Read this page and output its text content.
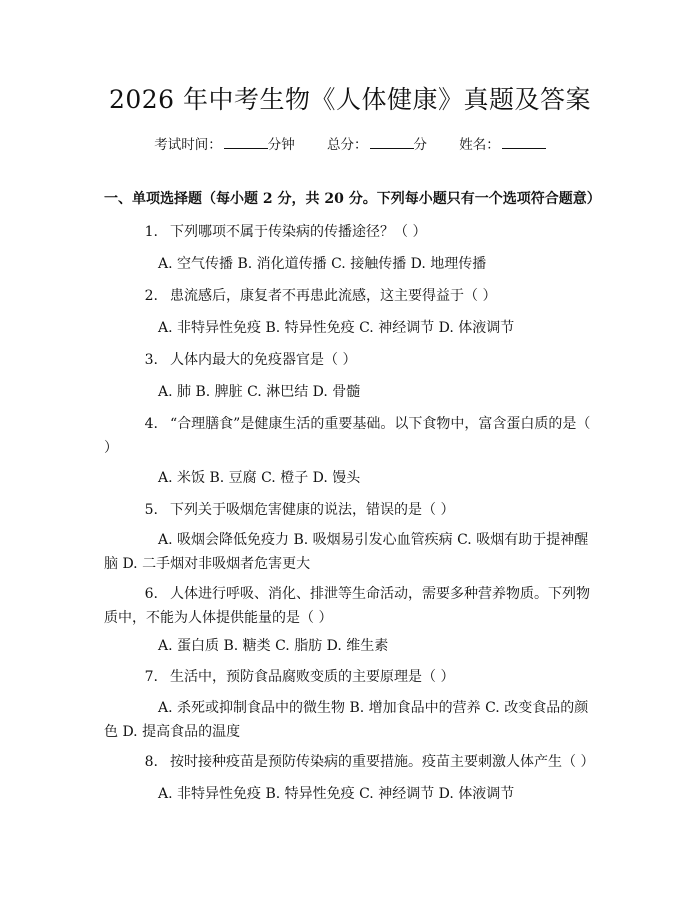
2026 年中考生物《人体健康》真题及答案
考试时间：	分钟 总分：	分 姓名：
一、单项选择题（每小题 2 分，共 20 分。下列每小题只有一个选项符合题意）
1. 下列哪项不属于传染病的传播途径？（ ）
A. 空气传播 B. 消化道传播 C. 接触传播 D. 地理传播
2. 患流感后，康复者不再患此流感，这主要得益于（ ）
A. 非特异性免疫 B. 特异性免疫 C. 神经调节 D. 体液调节
3. 人体内最大的免疫器官是（ ）
A. 肺 B. 脾脏 C. 淋巴结 D. 骨髓
4. “合理膳食”是健康生活的重要基础。以下食物中，富含蛋白质的是（ ）
A. 米饭 B. 豆腐 C. 橙子 D. 馒头
5. 下列关于吸烟危害健康的说法，错误的是（ ）
A. 吸烟会降低免疫力 B. 吸烟易引发心血管疾病 C. 吸烟有助于提神醒脑 D. 二手烟对非吸烟者危害更大
6. 人体进行呼吸、消化、排泄等生命活动，需要多种营养物质。下列物质中，不能为人体提供能量的是（ ）
A. 蛋白质 B. 糖类 C. 脂肪 D. 维生素
7. 生活中，预防食品腐败变质的主要原理是（ ）
A. 杀死或抑制食品中的微生物 B. 增加食品中的营养 C. 改变食品的颜色 D. 提高食品的温度
8. 按时接种疫苗是预防传染病的重要措施。疫苗主要刺激人体产生（ ）
A. 非特异性免疫 B. 特异性免疫 C. 神经调节 D. 体液调节
